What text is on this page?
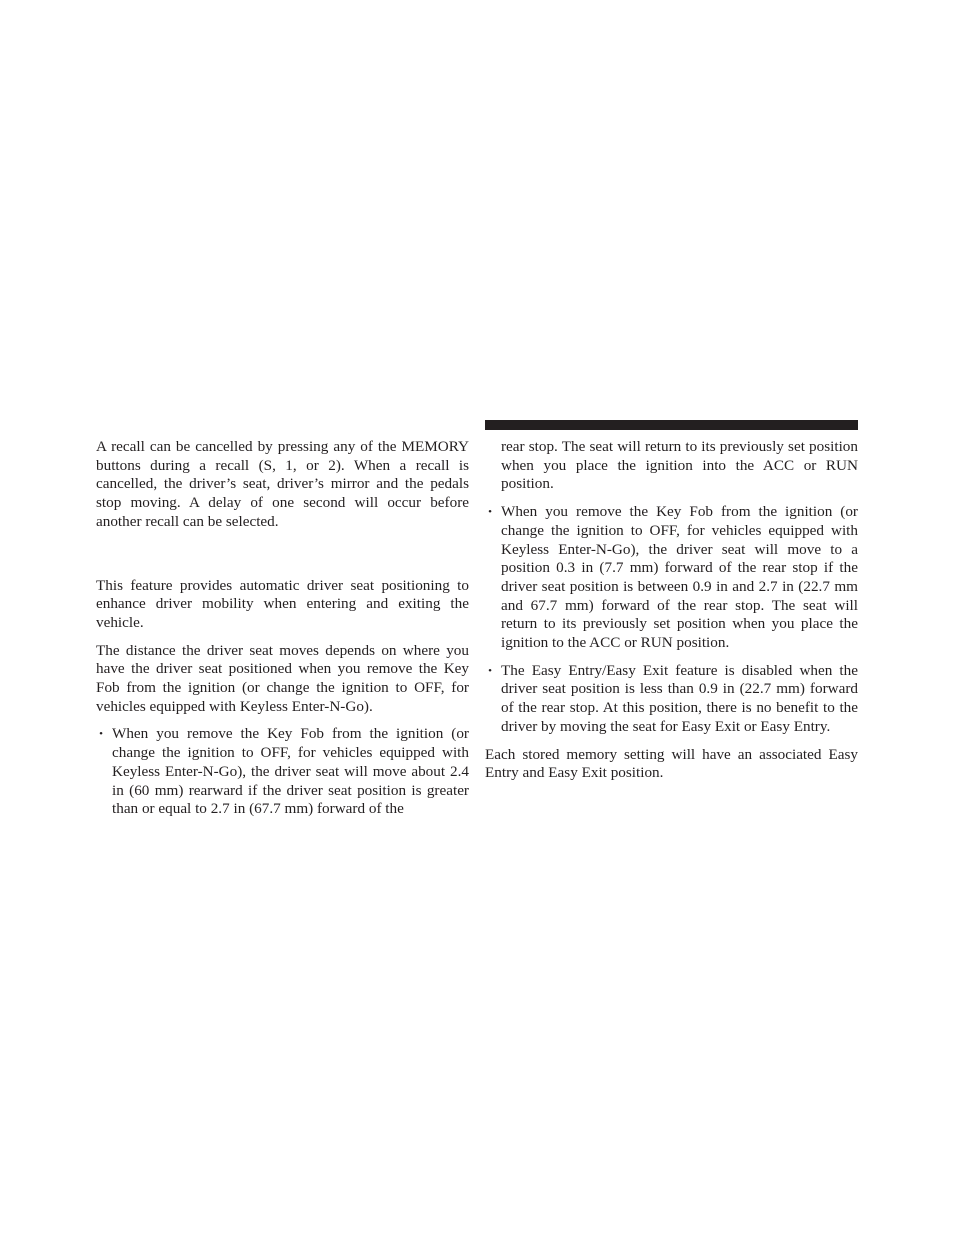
A recall can be cancelled by pressing any of the MEMORY buttons during a recall (S, 1, or 2). When a recall is cancelled, the driver’s seat, driver’s mirror and the pedals stop moving. A delay of one second will occur before another recall can be selected.

This feature provides automatic driver seat positioning to enhance driver mobility when entering and exiting the vehicle.

The distance the driver seat moves depends on where you have the driver seat positioned when you remove the Key Fob from the ignition (or change the ignition to OFF, for vehicles equipped with Keyless Enter-N-Go).

• When you remove the Key Fob from the ignition (or change the ignition to OFF, for vehicles equipped with Keyless Enter-N-Go), the driver seat will move about 2.4 in (60 mm) rearward if the driver seat position is greater than or equal to 2.7 in (67.7 mm) forward of the

rear stop. The seat will return to its previously set position when you place the ignition into the ACC or RUN position.

• When you remove the Key Fob from the ignition (or change the ignition to OFF, for vehicles equipped with Keyless Enter-N-Go), the driver seat will move to a position 0.3 in (7.7 mm) forward of the rear stop if the driver seat position is between 0.9 in and 2.7 in (22.7 mm and 67.7 mm) forward of the rear stop. The seat will return to its previously set position when you place the ignition to the ACC or RUN position.
• The Easy Entry/Easy Exit feature is disabled when the driver seat position is less than 0.9 in (22.7 mm) forward of the rear stop. At this position, there is no benefit to the driver by moving the seat for Easy Exit or Easy Entry.

Each stored memory setting will have an associated Easy Entry and Easy Exit position.
